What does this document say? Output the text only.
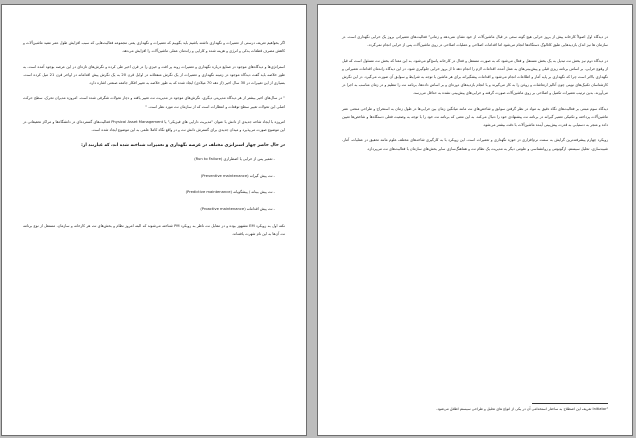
اگر بخواهیم تعریف درستی از تعمیرات و نگهداری داشته باشیم باید بگوییم که تعمیرات و نگهداری یعنی مجموعه فعالیت‌هایی که سبب افزایش طول عمر مفید ماشین‌آلات و کاهش مصرف قطعات یدکی و انرژی و هزینه شده و کارایی و راندمان عملی ماشین‌آلات را افزایش می‌دهد.

استراتژی‌ها و دیدگاه‌های موجود در صنایع درباره نگهداری و تعمیرات روند پر افت و خیزی را در قرن اخیر طی کرده و نگرش‌های تازه‌ای در این عرصه بوجود آمده است. به طور خلاصه باید گفت دیدگاه موجود در زمینه نگهداری و تعمیرات از یک نگرش منفعلانه در اوایل قرن 20 به یک نگرش پیش اقدامانه در اواخر قرن 21 میل کرده است. بسیاری از این تغییرات در 30 سال اخیر (از دهه 70 میلادی) ایجاد شده که به طور خلاصه به تغییر افکار جامعه صنعتی اشاره دارد.

" در سال‌های اخیر بیشتر از هر دیدگاه مدیریتی دیگری، نگرش‌های موجود در مدیریت نت تغییر یافته و دچار تحولات شگرفی شده است. امروزه مدیران تحرک، سطح حرکت اصلی این تحولات تغییر سطح توقعات و انتظارات است که از سازمان نت مورد نظر است. "

امروزه با ایجاد شاخه جدیدی از دانش با عنوان "مدیریت دارایی های فیزیکی" یا Physical Asset Management فعالیت‌های گسترده‌ای در دانشگاه‌ها و مراکز تحقیقاتی در این موضوع صورت می‌پذیرد و میدان جدیدی برای گسترش دانش نت و در واقع نگاه کاملا علمی به این موضوع ایجاد شده است.

در حال حاضر چهار استراتژی مختلف در عرصه نگهداری و تعمیرات شناخته شده اند، که عبارتند از:
- تعمیر پس از خرابی یا اضطراری (Run to Failure)
- نت پیش گیرانه (Preventive maintenance)
- نت پیش بینانه / پیشگویانه (Predictive maintenance)
- نت پیش اقدامانه (Proactive maintenance)

نکته اول به رویکرد EM مشهور بوده و در مقابل نت ناظر به رویکرد PM شناخته می‌شوند که البته امروز نظام و بخش‌های نت هر کارخانه و سازمان، مستقل از نوع برنامه نت آن‌ها به این نام شهرت یافته‌اند.

در دیدگاه اول اصولاً کارخانه پیش از بروز خرابی هیچ گونه سعی در قبال ماشین‌آلات از خود نشان نمی‌دهد و زمانی¹ فعالیت‌های تعمیراتی بروز یک خرابی نگهداری است. در سازمان ها نیز اندک بازدیدهایی طبق کاتالوگ دستگاه‌ها انجام می‌شود اما اقدامات اصلاحی و عملیات اصلاحی در روی ماشین‌آلات پس از خرابی انجام نمی‌گردد.

در دیدگاه دوم نیز بخش نت تبدیل به یک بخش مستقل و فعال می‌شود که به صورت مستقل و فعال در کارخانه پاسخ‌گو می‌شود. به این معنا که بخش نت مسئول است که قبل از وقوع خرابی، بر اساس برنامه ریزی قبلی و پیش‌بینی‌های به عمل آمده، اقدامات لازم را انجام دهد تا از بروز خرابی جلوگیری شود. در این دیدگاه راندمان اقدامات تعمیراتی و نگهداری بالاتر است چرا که نگهداری بر پایه آمار و اطلاعات انجام می‌شود و اقدامات پیشگیرانه برای هر ماشین با توجه به شرایط و سوابق آن صورت می‌گیرد. در این نگرش کارشناسان تکنیک‌های نوینی چون آنالیز ارتعاشات و روغن را به کار می‌گیرند و با انجام بازدیدهای دوره‌ای و بر اساس داده‌ها، برنامه نت را تنظیم و در زمان مناسب به اجرا در می‌آورند. بدین ترتیب تعمیرات تکمیل و اصلاحی بر روی ماشین‌آلات صورت گرفته و خرابی‌های پیش‌بینی نشده به حداقل می‌رسد.

دیدگاه سوم مبتنی بر فعالیت‌های نگاه دقیق به مواد در نظر گرفتن سوابق و شاخص‌های نت مانند میانگین زمان بین خرابی‌ها در طول زمان به استخراج و طراحی منحنی عمر ماشین‌آلات پرداخته و تکنیکی تعمیر گیرانه در برنامه نت پیشنهادی خود را دنبال می‌کند. به این معنی که برنامه نت خود را با توجه به وضعیت فعلی دستگاه‌ها و شاخص‌ها تعیین داده و منجر به دستیابی به قدرت پیش‌بینی آینده ماشین‌آلات با دقت بیشتر می‌شود.

رویکرد چهارم پیشرفته‌ترین گرایش به سمت نرم‌افزاری در حوزه نگهداری و تعمیرات است. این رویکرد با به کارگیری شاخه‌های مختلف علوم مانند تحقیق در عملیات، آمار، شبیه‌سازی، تحلیل سیستم، ارگونومی و روانشناسی و علومی دیگر به مدیریت یک نظام نت و هماهنگ‌سازی سایر بخش‌های سازمان با فعالیت‌های نت می‌پردازد.

Initiator¹ تعریف این اصطلاح به ساختار استخدامی آن در یکی از انواع های تحلیل و طراحی سیستم اطلاق می‌شود.
